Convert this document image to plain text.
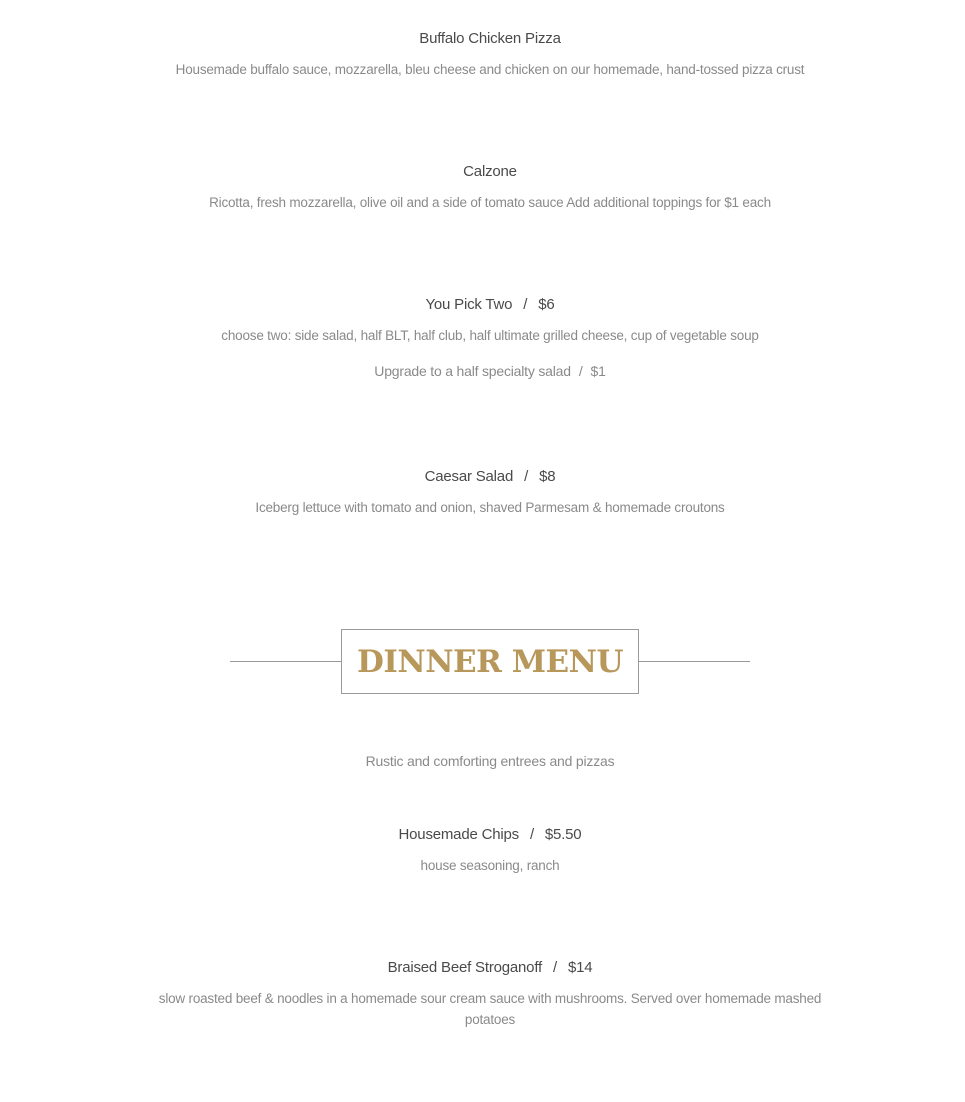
Buffalo Chicken Pizza
Housemade buffalo sauce, mozzarella, bleu cheese and chicken on our homemade, hand-tossed pizza crust
Calzone
Ricotta, fresh mozzarella, olive oil and a side of tomato sauce Add additional toppings for $1 each
You Pick Two / $6
choose two: side salad, half BLT, half club, half ultimate grilled cheese, cup of vegetable soup
Upgrade to a half specialty salad / $1
Caesar Salad / $8
Iceberg lettuce with tomato and onion, shaved Parmesam & homemade croutons
DINNER MENU
Rustic and comforting entrees and pizzas
Housemade Chips / $5.50
house seasoning, ranch
Braised Beef Stroganoff / $14
slow roasted beef & noodles in a homemade sour cream sauce with mushrooms. Served over homemade mashed potatoes
